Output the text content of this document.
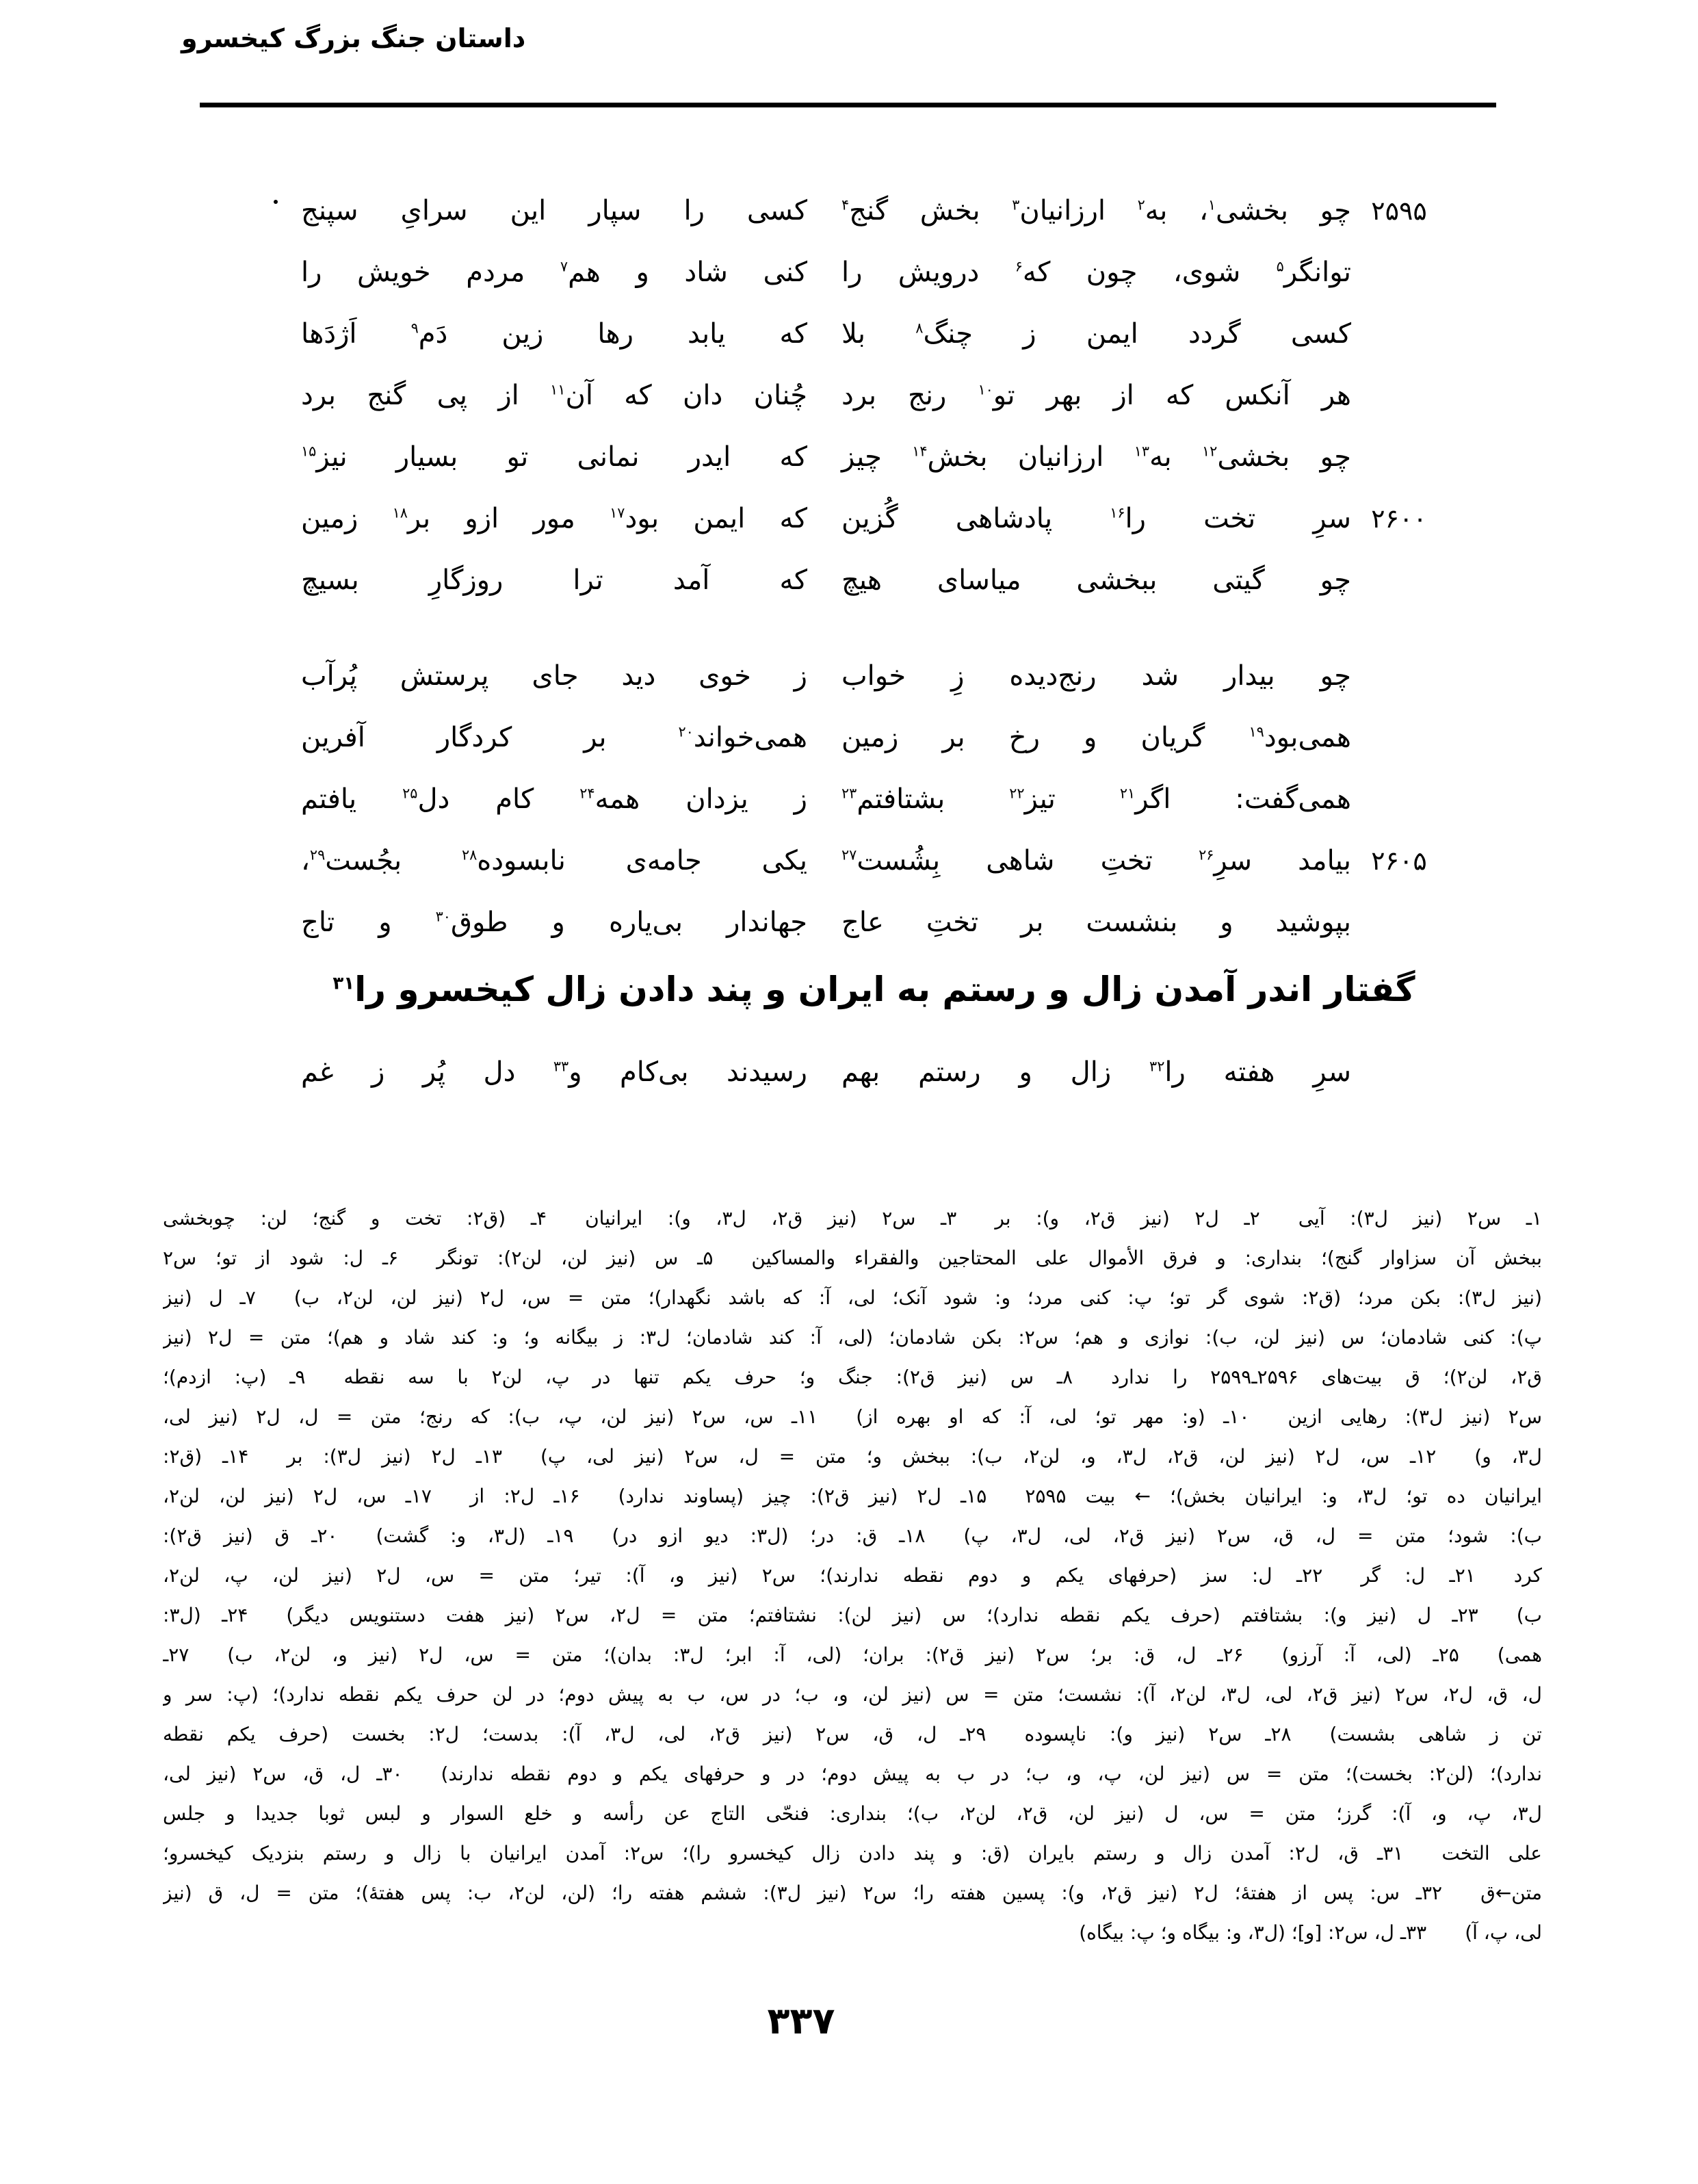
داستان جنگ بزرگ کیخسرو
۲۵۹۵
چو بخشی$^۱$، به$^۲$ ارزانیان$^۳$ بخش گنج$^۴$
کسی را سپار این سرایِ سپنج
توانگر$^۵$ شوی، چون که$^۶$ درویش را
کنی شاد و هم$^۷$ مردم خویش را
کسی گردد ایمن ز چنگ$^۸$ بلا
که یابد رها زین دَم$^۹$ اَژدَها
هر آنکس که از بهر تو$^{۱۰}$ رنج برد
چُنان دان که آن$^{۱۱}$ از پی گنج برد
چو بخشی$^{۱۲}$ به$^{۱۳}$ ارزانیان بخش$^{۱۴}$ چیز
که ایدر نمانی تو بسیار نیز$^{۱۵}$
۲۶۰۰
سرِ تخت را$^{۱۶}$ پادشاهی گُزین
که ایمن بود$^{۱۷}$ مور ازو بر$^{۱۸}$ زمین
چو گیتی ببخشی میاسای هیچ
که آمد ترا روزگارِ بسیچ
چو بیدار شد رنج‌دیده زِ خواب
ز خوی دید جای پرستش پُرآب
همی‌بود$^{۱۹}$ گریان و رخ بر زمین
همی‌خواند$^{۲۰}$ بر کردگار آفرین
همی‌گفت: اگر$^{۲۱}$ تیز$^{۲۲}$ بشتافتم$^{۲۳}$
ز یزدان همه$^{۲۴}$ کام دل$^{۲۵}$ یافتم
۲۶۰۵
بیامد سرِ$^{۲۶}$ تختِ شاهی بِشُست$^{۲۷}$
یکی جامه‌ی نابسوده$^{۲۸}$ بجُست$^{۲۹}$،
بپوشید و بنشست بر تختِ عاج
جهاندار بی‌یاره و طوق$^{۳۰}$ و تاج
گفتار اندر آمدن زال و رستم به ایران و پند دادن زال کیخسرو را$^{۳۱}$
سرِ هفته را$^{۳۲}$ زال و رستم بهم
رسیدند بی‌کام و$^{۳۳}$ دل پُر ز غم
۱ـ س۲ (نیز ل۳): آیی  ۲ـ ل۲ (نیز ق۲، و): بر  ۳ـ س۲ (نیز ق۲، ل۳، و): ایرانیان  ۴ـ (ق۲: تخت و گنج؛ لن: چوبخشی
ببخش آن سزاوار گنج)؛ بنداری: و فرق الأموال علی المحتاجین والفقراء والمساکین  ۵ـ س (نیز لن، لن۲): تونگر  ۶ـ ل: شود از تو؛ س۲
(نیز ل۳): بکن مرد؛ (ق۲: شوی گر تو؛ پ: کنی مرد؛ و: شود آنک؛ لی، آ: که باشد نگهدار)؛ متن = س، ل۲ (نیز لن، لن۲، ب)  ۷ـ ل (نیز
پ): کنی شادمان؛ س (نیز لن، ب): نوازی و هم؛ س۲: بکن شادمان؛ (لی، آ: کند شادمان؛ ل۳: ز بیگانه و؛ و: کند شاد و هم)؛ متن = ل۲ (نیز
ق۲، لن۲)؛ ق بیت‌های ۲۵۹۶ـ۲۵۹۹ را ندارد  ۸ـ س (نیز ق۲): جنگ و؛ حرف یکم تنها در پ، لن۲ با سه نقطه  ۹ـ (پ: ازدم)؛
س۲ (نیز ل۳): رهایی ازین  ۱۰ـ (و: مهر تو؛ لی، آ: که او بهره از)  ۱۱ـ س، س۲ (نیز لن، پ، ب): که رنج؛ متن = ل، ل۲ (نیز لی،
ل۳، و)  ۱۲ـ س، ل۲ (نیز لن، ق۲، ل۳، و، لن۲، ب): ببخش و؛ متن = ل، س۲ (نیز لی، پ)  ۱۳ـ ل۲ (نیز ل۳): بر  ۱۴ـ (ق۲:
ایرانیان ده تو؛ ل۳، و: ایرانیان بخش)؛ ← بیت ۲۵۹۵  ۱۵ـ ل۲ (نیز ق۲): چیز (پساوند ندارد)  ۱۶ـ ل۲: از  ۱۷ـ س، ل۲ (نیز لن، لن۲،
ب): شود؛ متن = ل، ق، س۲ (نیز ق۲، لی، ل۳، پ)  ۱۸ـ ق: در؛ (ل۳: دیو ازو در)  ۱۹ـ (ل۳، و: گشت)  ۲۰ـ ق (نیز ق۲):
کرد  ۲۱ـ ل: گر  ۲۲ـ ل: سز (حرفهای یکم و دوم نقطه ندارند)؛ س۲ (نیز و، آ): تیر؛ متن = س، ل۲ (نیز لن، پ، لن۲،
ب)  ۲۳ـ ل (نیز و): بشتافتم (حرف یکم نقطه ندارد)؛ س (نیز لن): نشتافتم؛ متن = ل۲، س۲ (نیز هفت دستنویس دیگر)  ۲۴ـ (ل۳:
همی)  ۲۵ـ (لی، آ: آرزو)  ۲۶ـ ل، ق: بر؛ س۲ (نیز ق۲): بران؛ (لی، آ: ابر؛ ل۳: بدان)؛ متن = س، ل۲ (نیز و، لن۲، ب)  ۲۷ـ
ل، ق، ل۲، س۲ (نیز ق۲، لی، ل۳، لن۲، آ): نشست؛ متن = س (نیز لن، و، ب؛ در س، ب به پیش دوم؛ در لن حرف یکم نقطه ندارد)؛ (پ: سر و
تن ز شاهی بشست)  ۲۸ـ س۲ (نیز و): ناپسوده  ۲۹ـ ل، ق، س۲ (نیز ق۲، لی، ل۳، آ): بدست؛ ل۲: بخست (حرف یکم نقطه
ندارد)؛ (لن۲: بخست)؛ متن = س (نیز لن، پ، و، ب؛ در ب به پیش دوم؛ در و حرفهای یکم و دوم نقطه ندارند)  ۳۰ـ ل، ق، س۲ (نیز لی،
ل۳، پ، و، آ): گرز؛ متن = س، ل (نیز لن، ق۲، لن۲، ب)؛ بنداری: فنحّی التاج عن رأسه و خلع السوار و لبس ثوبا جدیدا و جلس
علی التخت  ۳۱ـ ق، ل۲: آمدن زال و رستم بایران (ق: و پند دادن زال کیخسرو را)؛ س۲: آمدن ایرانیان با زال و رستم بنزدیک کیخسرو؛
متن←ق  ۳۲ـ س: پس از هفتهٔ؛ ل۲ (نیز ق۲، و): پسین هفته را؛ س۲ (نیز ل۳): ششم هفته را؛ (لن، لن۲، ب: پس هفتهٔ)؛ متن = ل، ق (نیز
لی، پ، آ)  ۳۳ـ ل، س۲: [و]؛ (ل۳، و: بیگاه و؛ پ: بیگاه)
۳۳۷
